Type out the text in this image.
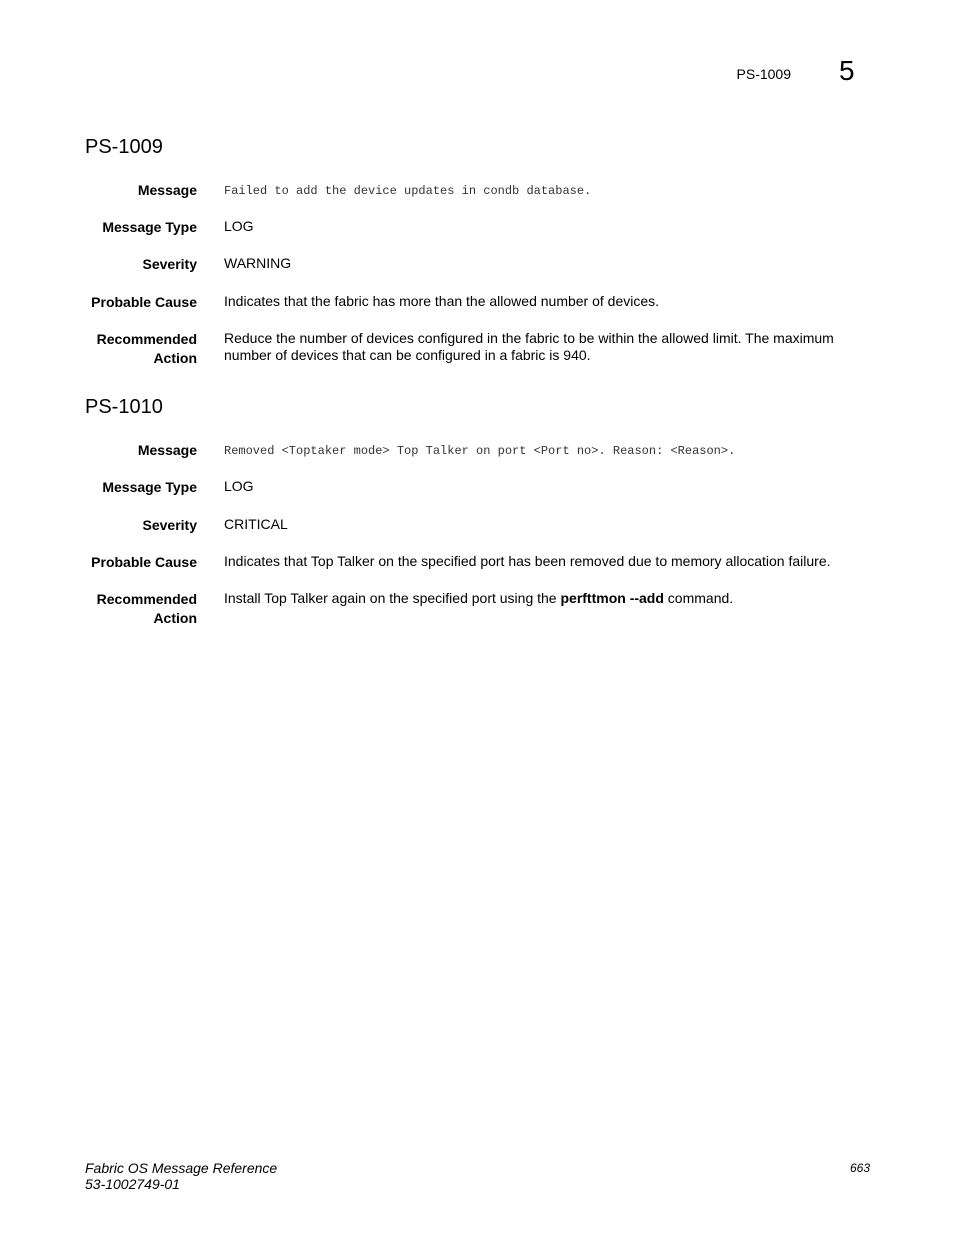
PS-1009 5
PS-1009
Message Failed to add the device updates in condb database.
Message Type LOG
Severity WARNING
Probable Cause Indicates that the fabric has more than the allowed number of devices.
Recommended
Action
Reduce the number of devices configured in the fabric to be within the allowed limit. The maximum number of devices that can be configured in a fabric is 940.
PS-1010
Message Removed <Toptaker mode> Top Talker on port <Port no>. Reason: <Reason>.
Message Type LOG
Severity CRITICAL
Probable Cause Indicates that Top Talker on the specified port has been removed due to memory allocation failure.
Recommended
Action
Install Top Talker again on the specified port using the perfttmon --add command.
Fabric OS Message Reference
53-1002749-01
663
